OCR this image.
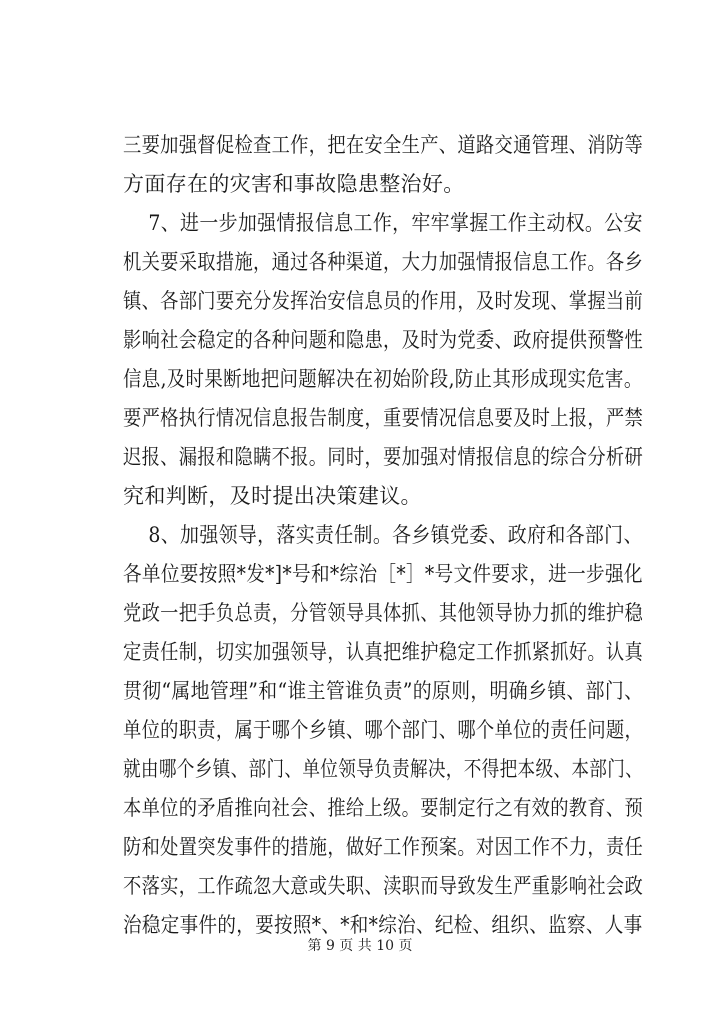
三要加强督促检查工作，把在安全生产、道路交通管理、消防等
方面存在的灾害和事故隐患整治好。
7、进一步加强情报信息工作，牢牢掌握工作主动权。公安
机关要采取措施，通过各种渠道，大力加强情报信息工作。各乡
镇、各部门要充分发挥治安信息员的作用，及时发现、掌握当前
影响社会稳定的各种问题和隐患，及时为党委、政府提供预警性
信息,及时果断地把问题解决在初始阶段,防止其形成现实危害。
要严格执行情况信息报告制度，重要情况信息要及时上报，严禁
迟报、漏报和隐瞒不报。同时，要加强对情报信息的综合分析研
究和判断，及时提出决策建议。
8、加强领导，落实责任制。各乡镇党委、政府和各部门、
各单位要按照*发*]*号和*综治［*］*号文件要求，进一步强化
党政一把手负总责，分管领导具体抓、其他领导协力抓的维护稳
定责任制，切实加强领导，认真把维护稳定工作抓紧抓好。认真
贯彻“属地管理”和“谁主管谁负责”的原则，明确乡镇、部门、
单位的职责，属于哪个乡镇、哪个部门、哪个单位的责任问题，
就由哪个乡镇、部门、单位领导负责解决，不得把本级、本部门、
本单位的矛盾推向社会、推给上级。要制定行之有效的教育、预
防和处置突发事件的措施，做好工作预案。对因工作不力，责任
不落实，工作疏忽大意或失职、渎职而导致发生严重影响社会政
治稳定事件的，要按照*、*和*综治、纪检、组织、监察、人事
第 9 页 共 10 页
